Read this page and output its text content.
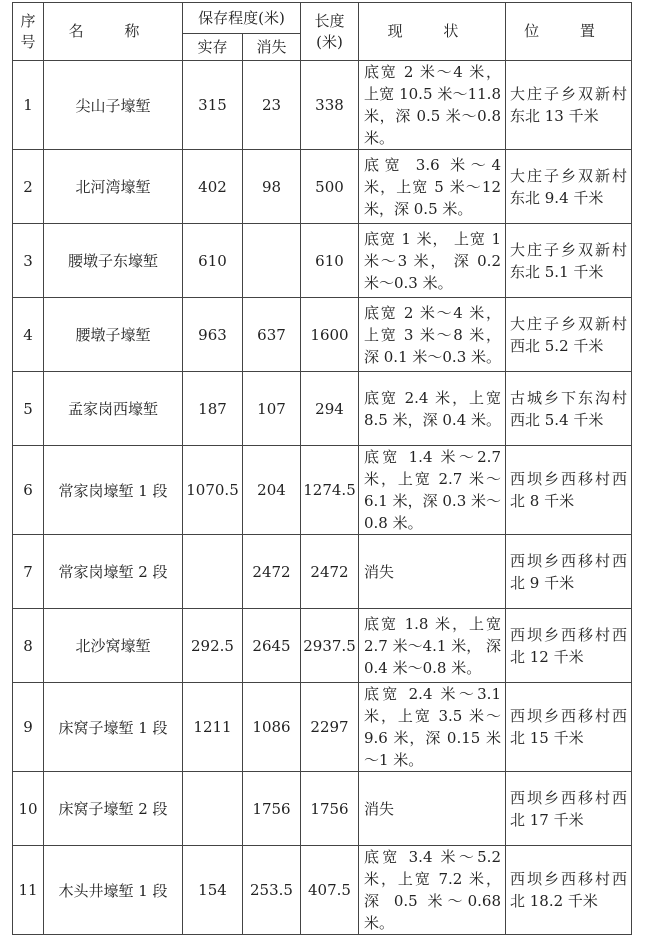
序号	名 称	保存程度(米)		长度(米)	现 状	位 置
		实存	消失			
1	尖山子壕堑	315	23	338	底宽 2 米～4 米，上宽 10.5 米～11.8 米，深 0.5 米～0.8 米。	大庄子乡双新村东北 13 千米
2	北河湾壕堑	402	98	500	底宽 3.6 米～4 米，上宽 5 米～12 米，深 0.5 米。	大庄子乡双新村东北 9.4 千米
3	腰墩子东壕堑	610		610	底宽 1 米， 上宽 1 米～3 米， 深 0.2 米～0.3 米。	大庄子乡双新村东北 5.1 千米
4	腰墩子壕堑	963	637	1600	底宽 2 米～4 米，上宽 3 米～8 米，深 0.1 米～0.3 米。	大庄子乡双新村西北 5.2 千米
5	孟家岗西壕堑	187	107	294	底宽 2.4 米，上宽 8.5 米，深 0.4 米。	古城乡下东沟村西北 5.4 千米
6	常家岗壕堑 1 段	1070.5	204	1274.5	底宽 1.4 米～2.7 米，上宽 2.7 米～6.1 米，深 0.3 米～0.8 米。	西坝乡西移村西北 8 千米
7	常家岗壕堑 2 段		2472	2472	消失	西坝乡西移村西北 9 千米
8	北沙窝壕堑	292.5	2645	2937.5	底宽 1.8 米，上宽 2.7 米～4.1 米， 深 0.4 米～0.8 米。	西坝乡西移村西北 12 千米
9	床窝子壕堑 1 段	1211	1086	2297	底宽 2.4 米～3.1 米，上宽 3.5 米～9.6 米，深 0.15 米～1 米。	西坝乡西移村西北 15 千米
10	床窝子壕堑 2 段		1756	1756	消失	西坝乡西移村西北 17 千米
11	木头井壕堑 1 段	154	253.5	407.5	底宽 3.4 米～5.2 米，上宽 7.2 米， 深 0.5 米～0.68 米。	西坝乡西移村西北 18.2 千米
